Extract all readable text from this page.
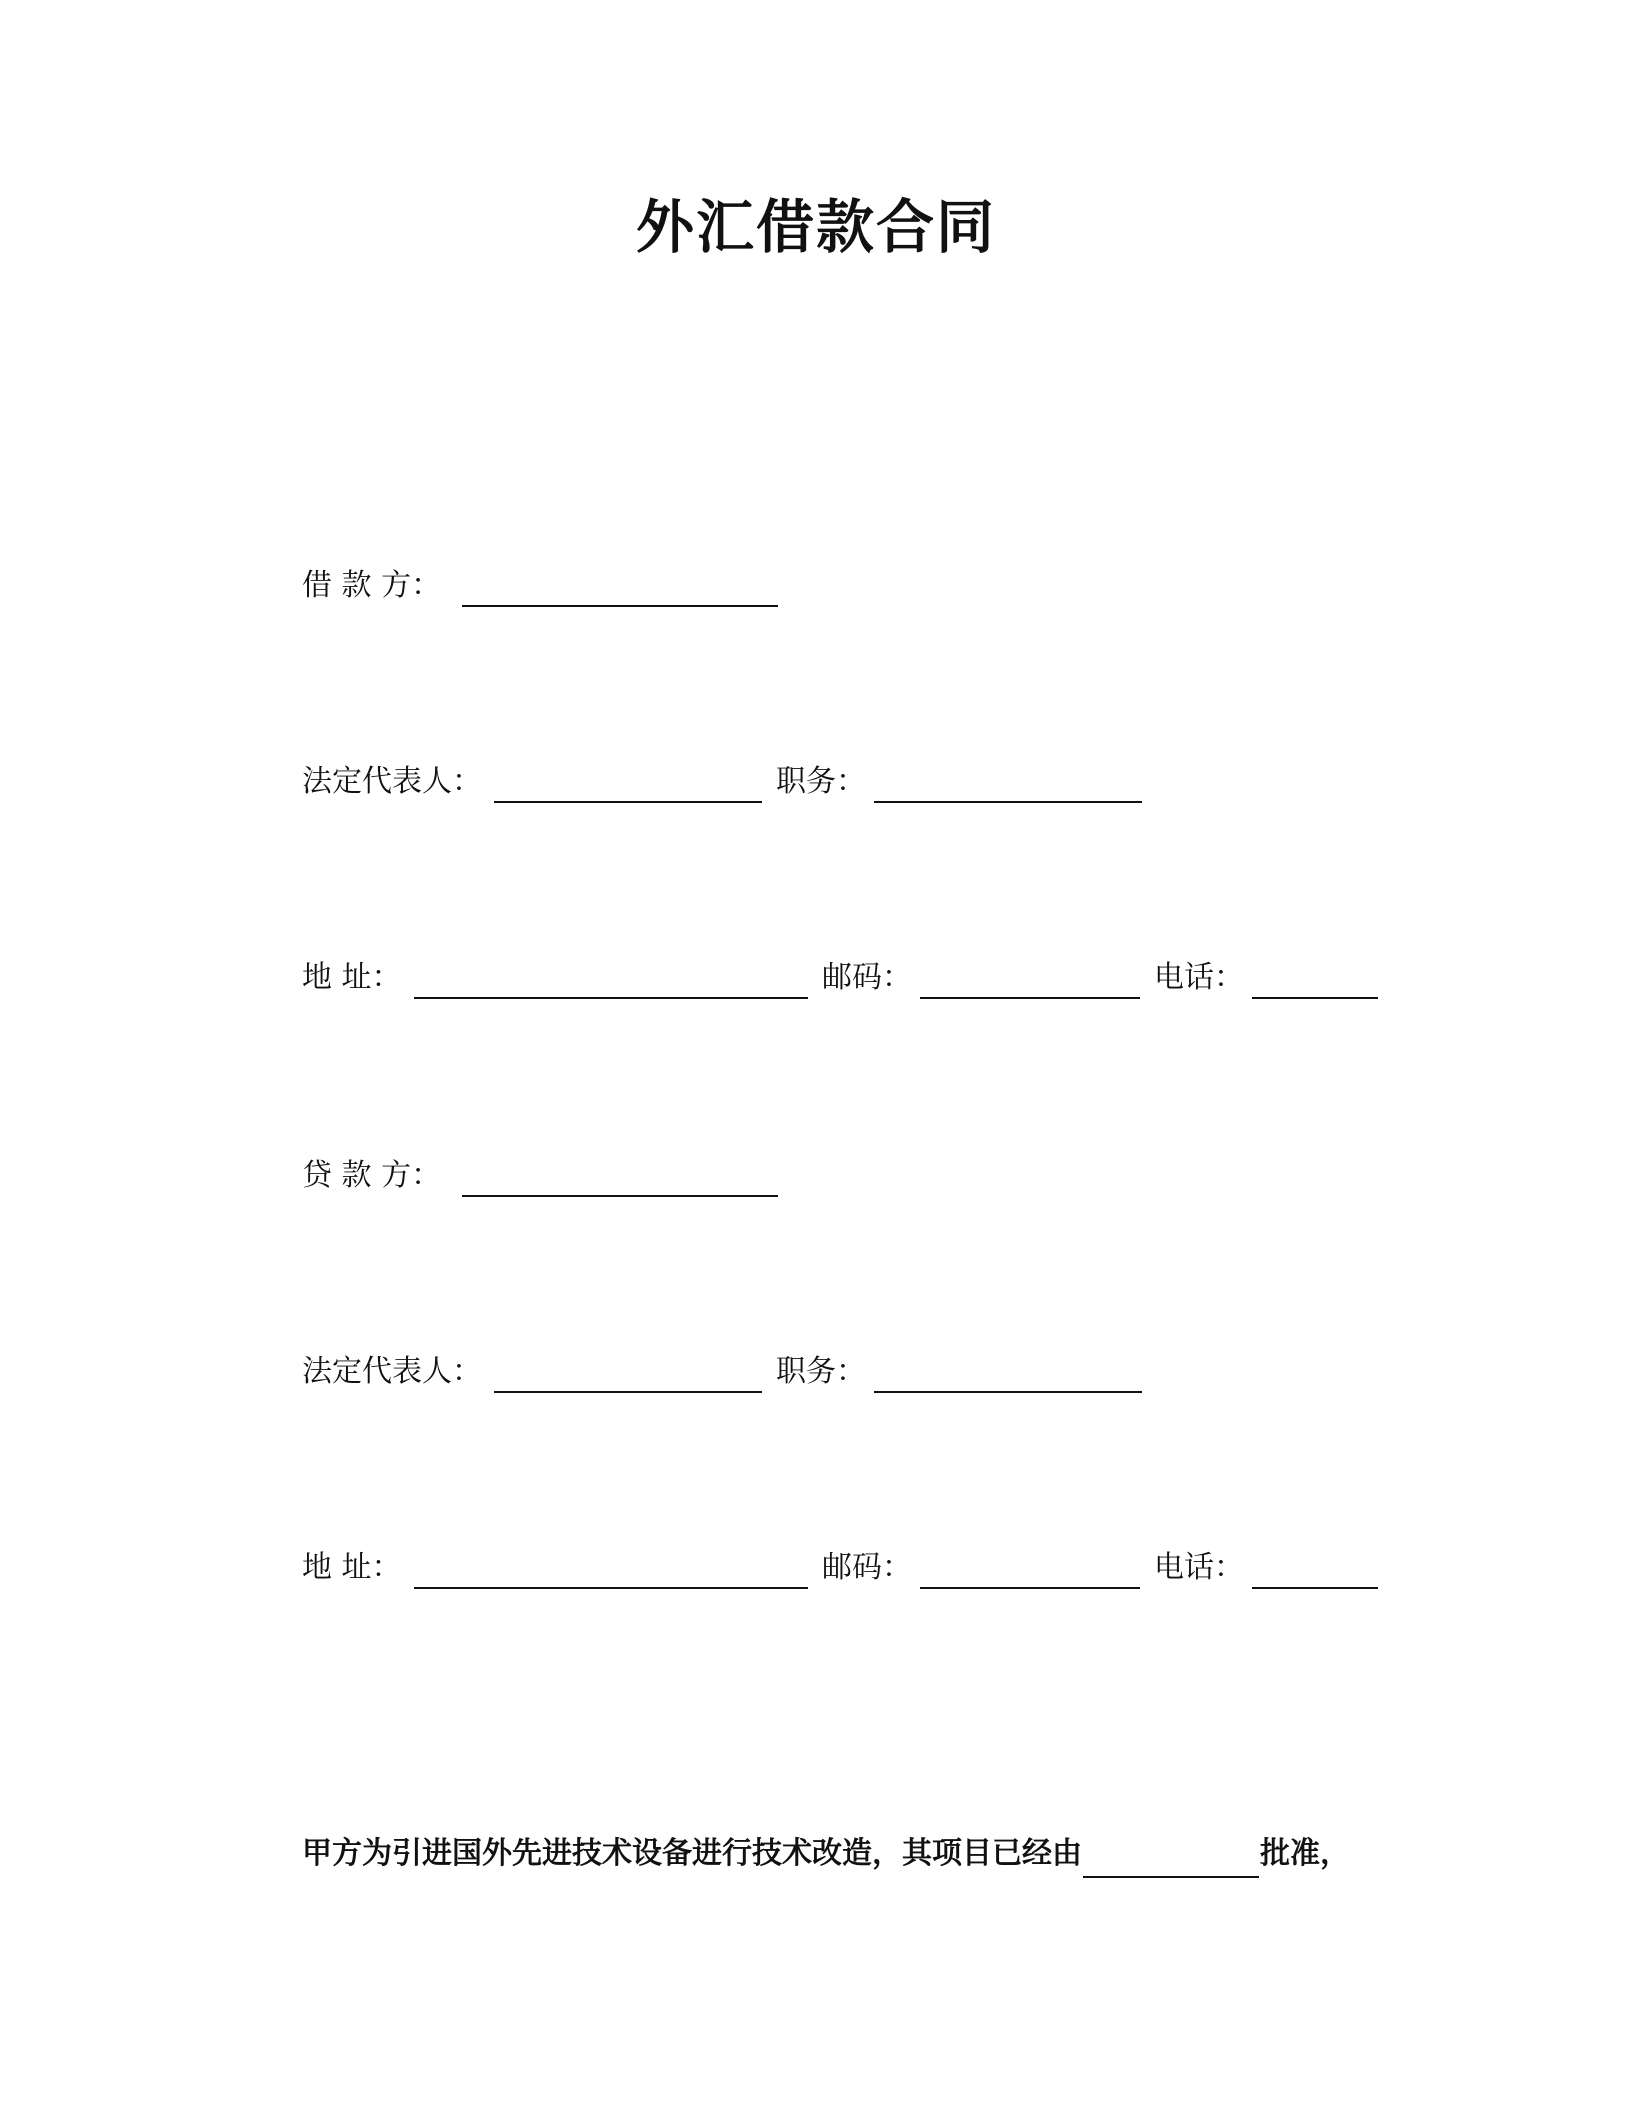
外汇借款合同
借 款 方：
法定代表人：	职务：
地 址：	邮码：	电话：
贷 款 方：
法定代表人：	职务：
地 址：	邮码：	电话：
甲方为引进国外先进技术设备进行技术改造，其项目已经由	批准，
